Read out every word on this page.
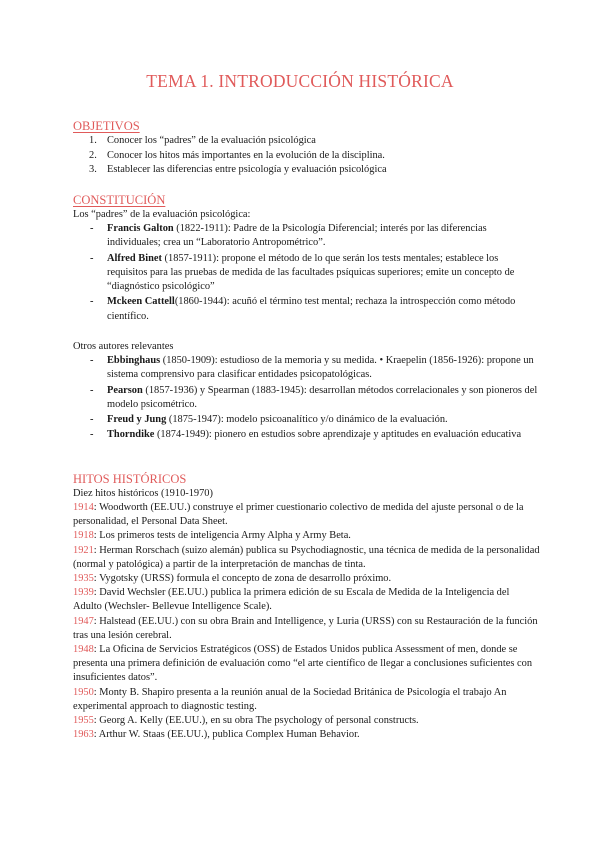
TEMA 1. INTRODUCCIÓN HISTÓRICA

OBJETIVOS

1. Conocer los “padres” de la evaluación psicológica
2. Conocer los hitos más importantes en la evolución de la disciplina.
3. Establecer las diferencias entre psicología y evaluación psicológica

CONSTITUCIÓN

Los “padres” de la evaluación psicológica:

- Francis Galton (1822-1911): Padre de la Psicología Diferencial; interés por las diferencias individuales; crea un “Laboratorio Antropométrico”.
- Alfred Binet (1857-1911): propone el método de lo que serán los tests mentales; establece los requisitos para las pruebas de medida de las facultades psíquicas superiores; emite un concepto de “diagnóstico psicológico”
- Mckeen Cattell(1860-1944): acuñó el término test mental; rechaza la introspección como método científico.

Otros autores relevantes

- Ebbinghaus (1850-1909): estudioso de la memoria y su medida. • Kraepelin (1856-1926): propone un sistema comprensivo para clasificar entidades psicopatológicas.
- Pearson (1857-1936) y Spearman (1883-1945): desarrollan métodos correlacionales y son pioneros del modelo psicométrico.
- Freud y Jung (1875-1947): modelo psicoanalítico y/o dinámico de la evaluación.
- Thorndike (1874-1949): pionero en estudios sobre aprendizaje y aptitudes en evaluación educativa

HITOS HISTÓRICOS

Diez hitos históricos (1910-1970)

1914: Woodworth (EE.UU.) construye el primer cuestionario colectivo de medida del ajuste personal o de la personalidad, el Personal Data Sheet.

1918: Los primeros tests de inteligencia Army Alpha y Army Beta.

1921: Herman Rorschach (suizo alemán) publica su Psychodiagnostic, una técnica de medida de la personalidad (normal y patológica) a partir de la interpretación de manchas de tinta.

1935: Vygotsky (URSS) formula el concepto de zona de desarrollo próximo.

1939: David Wechsler (EE.UU.) publica la primera edición de su Escala de Medida de la Inteligencia del Adulto (Wechsler- Bellevue Intelligence Scale).

1947: Halstead (EE.UU.) con su obra Brain and Intelligence, y Luria (URSS) con su Restauración de la función tras una lesión cerebral.

1948: La Oficina de Servicios Estratégicos (OSS) de Estados Unidos publica Assessment of men, donde se presenta una primera definición de evaluación como “el arte científico de llegar a conclusiones suficientes con insuficientes datos”.

1950: Monty B. Shapiro presenta a la reunión anual de la Sociedad Británica de Psicología el trabajo An experimental approach to diagnostic testing.

1955: Georg A. Kelly (EE.UU.), en su obra The psychology of personal constructs.

1963: Arthur W. Staas (EE.UU.), publica Complex Human Behavior.
